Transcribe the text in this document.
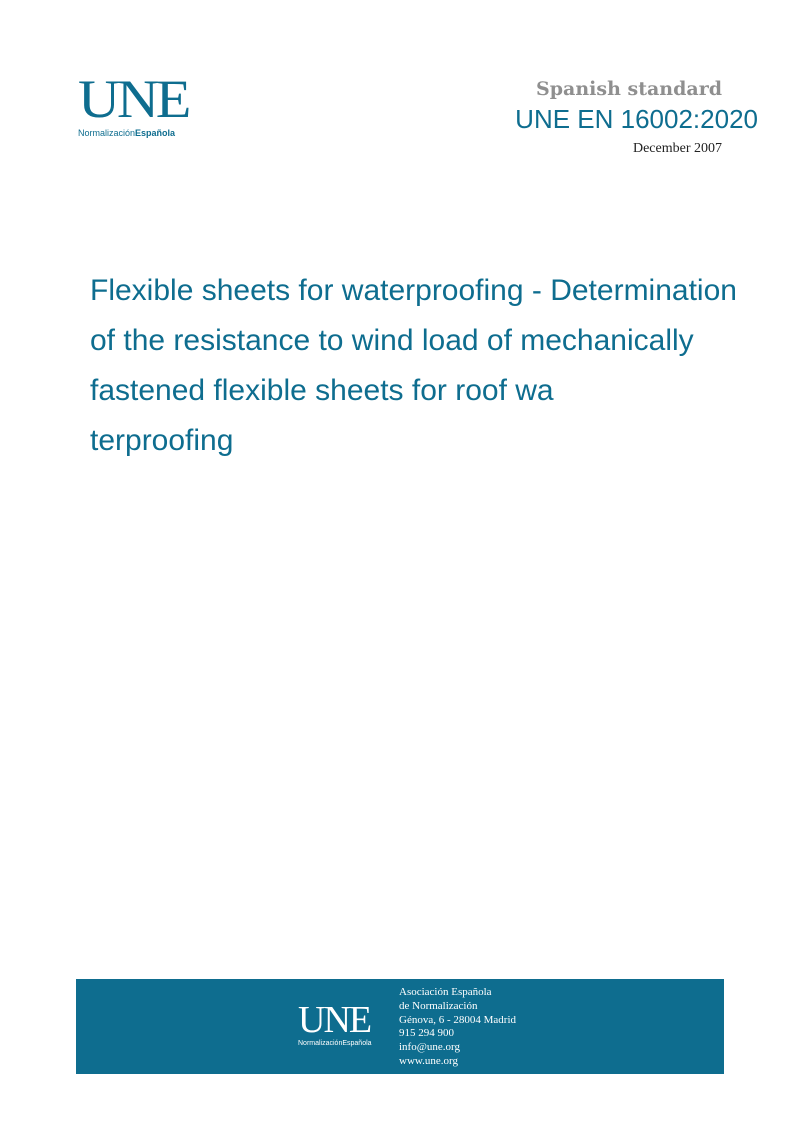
UNE
NormalizaciónEspañola
Spanish standard
UNE EN 16002:2020
December 2007
Flexible sheets for waterproofing - Determination
of the resistance to wind load of mechanically
fastened flexible sheets for roof wa
terproofing
UNE
NormalizaciónEspañola
Asociación Española
de Normalización
Génova, 6 - 28004 Madrid
915 294 900
info@une.org
www.une.org
